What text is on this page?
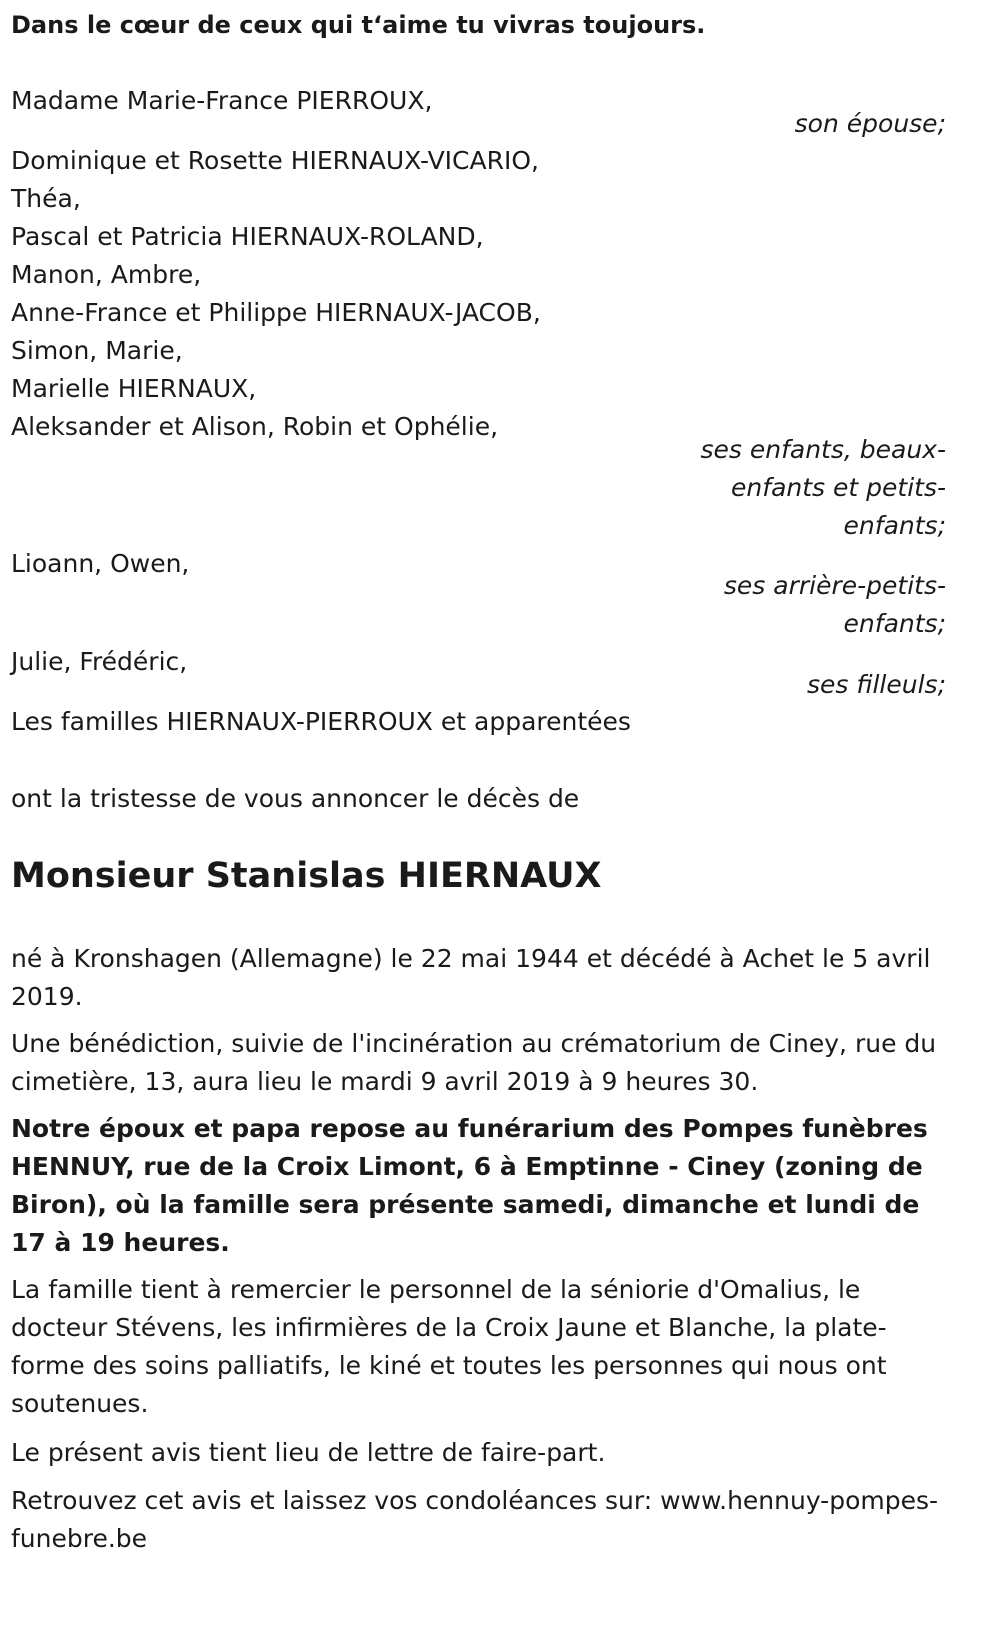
Dans le cœur de ceux qui t‘aime tu vivras toujours.

Madame Marie-France PIERROUX,

son épouse;

Dominique et Rosette HIERNAUX-VICARIO,

Théa,

Pascal et Patricia HIERNAUX-ROLAND,

Manon, Ambre,

Anne-France et Philippe HIERNAUX-JACOB,

Simon, Marie,

Marielle HIERNAUX,

Aleksander et Alison, Robin et Ophélie,

ses enfants, beaux-

enfants et petits-

enfants;

Lioann, Owen,

ses arrière-petits-

enfants;

Julie, Frédéric,

ses filleuls;

Les familles HIERNAUX-PIERROUX et apparentées

ont la tristesse de vous annoncer le décès de

Monsieur Stanislas HIERNAUX

né à Kronshagen (Allemagne) le 22 mai 1944 et décédé à Achet le 5 avril 2019.

Une bénédiction, suivie de l'incinération au crématorium de Ciney, rue du cimetière, 13, aura lieu le mardi 9 avril 2019 à 9 heures 30.

Notre époux et papa repose au funérarium des Pompes funèbres HENNUY, rue de la Croix Limont, 6 à Emptinne - Ciney (zoning de Biron), où la famille sera présente samedi, dimanche et lundi de 17 à 19 heures.

La famille tient à remercier le personnel de la séniorie d'Omalius, le docteur Stévens, les infirmières de la Croix Jaune et Blanche, la plate-forme des soins palliatifs, le kiné et toutes les personnes qui nous ont soutenues.

Le présent avis tient lieu de lettre de faire-part.

Retrouvez cet avis et laissez vos condoléances sur: www.hennuy-pompes-funebre.be
